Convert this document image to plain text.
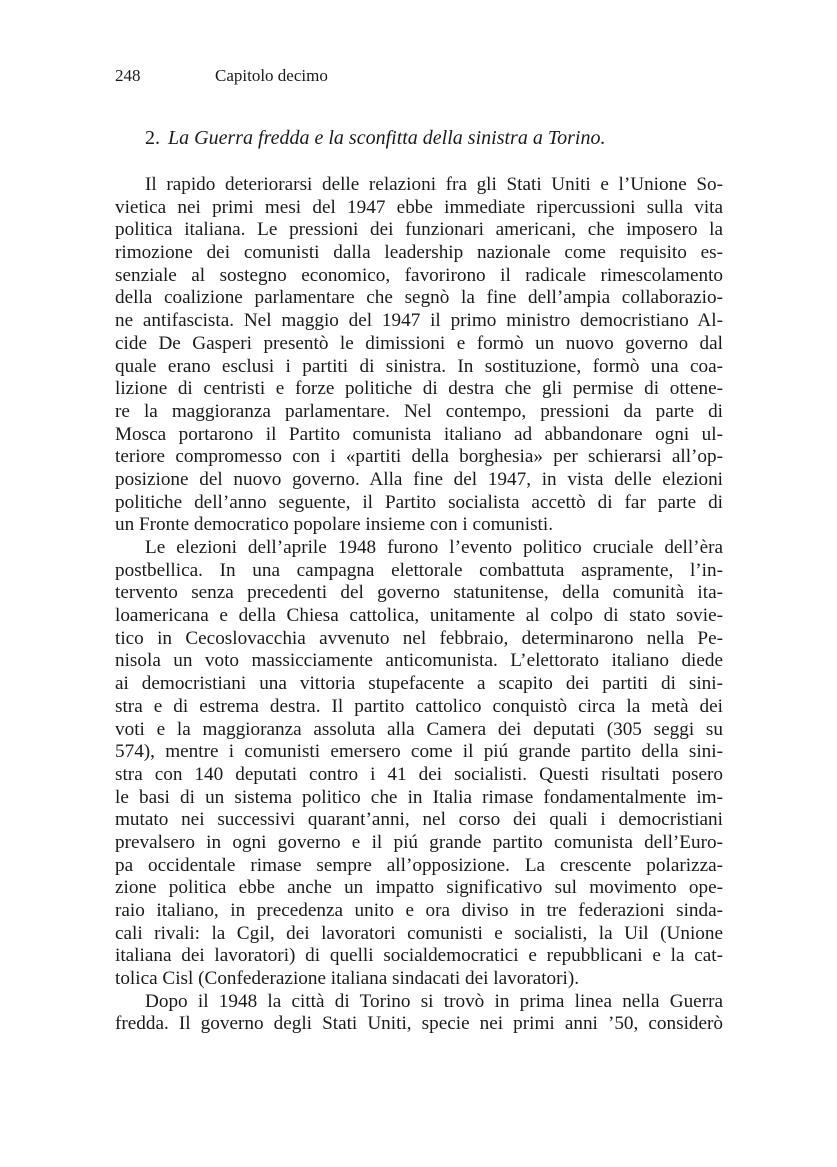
248	Capitolo decimo
2. La Guerra fredda e la sconfitta della sinistra a Torino.
Il rapido deteriorarsi delle relazioni fra gli Stati Uniti e l’Unione So-
vietica nei primi mesi del 1947 ebbe immediate ripercussioni sulla vita
politica italiana. Le pressioni dei funzionari americani, che imposero la
rimozione dei comunisti dalla leadership nazionale come requisito es-
senziale al sostegno economico, favorirono il radicale rimescolamento
della coalizione parlamentare che segnò la fine dell’ampia collaborazio-
ne antifascista. Nel maggio del 1947 il primo ministro democristiano Al-
cide De Gasperi presentò le dimissioni e formò un nuovo governo dal
quale erano esclusi i partiti di sinistra. In sostituzione, formò una coa-
lizione di centristi e forze politiche di destra che gli permise di ottene-
re la maggioranza parlamentare. Nel contempo, pressioni da parte di
Mosca portarono il Partito comunista italiano ad abbandonare ogni ul-
teriore compromesso con i «partiti della borghesia» per schierarsi all’op-
posizione del nuovo governo. Alla fine del 1947, in vista delle elezioni
politiche dell’anno seguente, il Partito socialista accettò di far parte di
un Fronte democratico popolare insieme con i comunisti.
Le elezioni dell’aprile 1948 furono l’evento politico cruciale dell’èra
postbellica. In una campagna elettorale combattuta aspramente, l’in-
tervento senza precedenti del governo statunitense, della comunità ita-
loamericana e della Chiesa cattolica, unitamente al colpo di stato sovie-
tico in Cecoslovacchia avvenuto nel febbraio, determinarono nella Pe-
nisola un voto massicciamente anticomunista. L’elettorato italiano diede
ai democristiani una vittoria stupefacente a scapito dei partiti di sini-
stra e di estrema destra. Il partito cattolico conquistò circa la metà dei
voti e la maggioranza assoluta alla Camera dei deputati (305 seggi su
574), mentre i comunisti emersero come il piú grande partito della sini-
stra con 140 deputati contro i 41 dei socialisti. Questi risultati posero
le basi di un sistema politico che in Italia rimase fondamentalmente im-
mutato nei successivi quarant’anni, nel corso dei quali i democristiani
prevalsero in ogni governo e il piú grande partito comunista dell’Euro-
pa occidentale rimase sempre all’opposizione. La crescente polarizza-
zione politica ebbe anche un impatto significativo sul movimento ope-
raio italiano, in precedenza unito e ora diviso in tre federazioni sinda-
cali rivali: la Cgil, dei lavoratori comunisti e socialisti, la Uil (Unione
italiana dei lavoratori) di quelli socialdemocratici e repubblicani e la cat-
tolica Cisl (Confederazione italiana sindacati dei lavoratori).
Dopo il 1948 la città di Torino si trovò in prima linea nella Guerra
fredda. Il governo degli Stati Uniti, specie nei primi anni ’50, considerò
